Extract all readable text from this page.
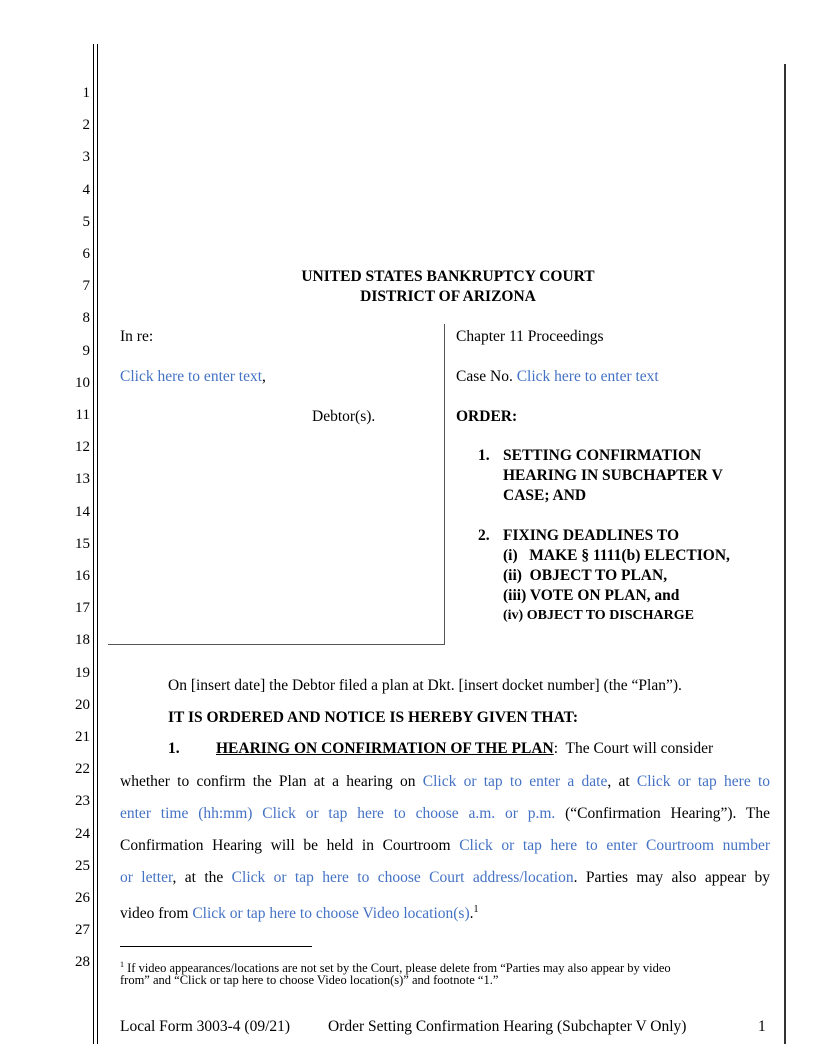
1
2
3
4
5
6
7
8
9
10
11
12
13
14
15
16
17
18
19
20
21
22
23
24
25
26
27
28
UNITED STATES BANKRUPTCY COURT
DISTRICT OF ARIZONA
In re:
Click here to enter text,
Debtor(s).
Chapter 11 Proceedings
Case No. Click here to enter text
ORDER:
1. SETTING CONFIRMATION
HEARING IN SUBCHAPTER V
CASE; AND
2. FIXING DEADLINES TO
(i)   MAKE § 1111(b) ELECTION,
(ii)  OBJECT TO PLAN,
(iii) VOTE ON PLAN, and
(iv) OBJECT TO DISCHARGE
On [insert date] the Debtor filed a plan at Dkt. [insert docket number] (the “Plan”).
IT IS ORDERED AND NOTICE IS HEREBY GIVEN THAT:
1. HEARING ON CONFIRMATION OF THE PLAN:  The Court will consider
whether to confirm the Plan at a hearing on Click or tap to enter a date, at Click or tap here to
enter time (hh:mm) Click or tap here to choose a.m. or p.m. (“Confirmation Hearing”). The
Confirmation Hearing will be held in Courtroom Click or tap here to enter Courtroom number
or letter, at the Click or tap here to choose Court address/location. Parties may also appear by
video from Click or tap here to choose Video location(s).$^1$
$^1$ If video appearances/locations are not set by the Court, please delete from “Parties may also appear by video
from” and “Click or tap here to choose Video location(s)” and footnote “1.”
Local Form 3003-4 (09/21) Order Setting Confirmation Hearing (Subchapter V Only)	1
